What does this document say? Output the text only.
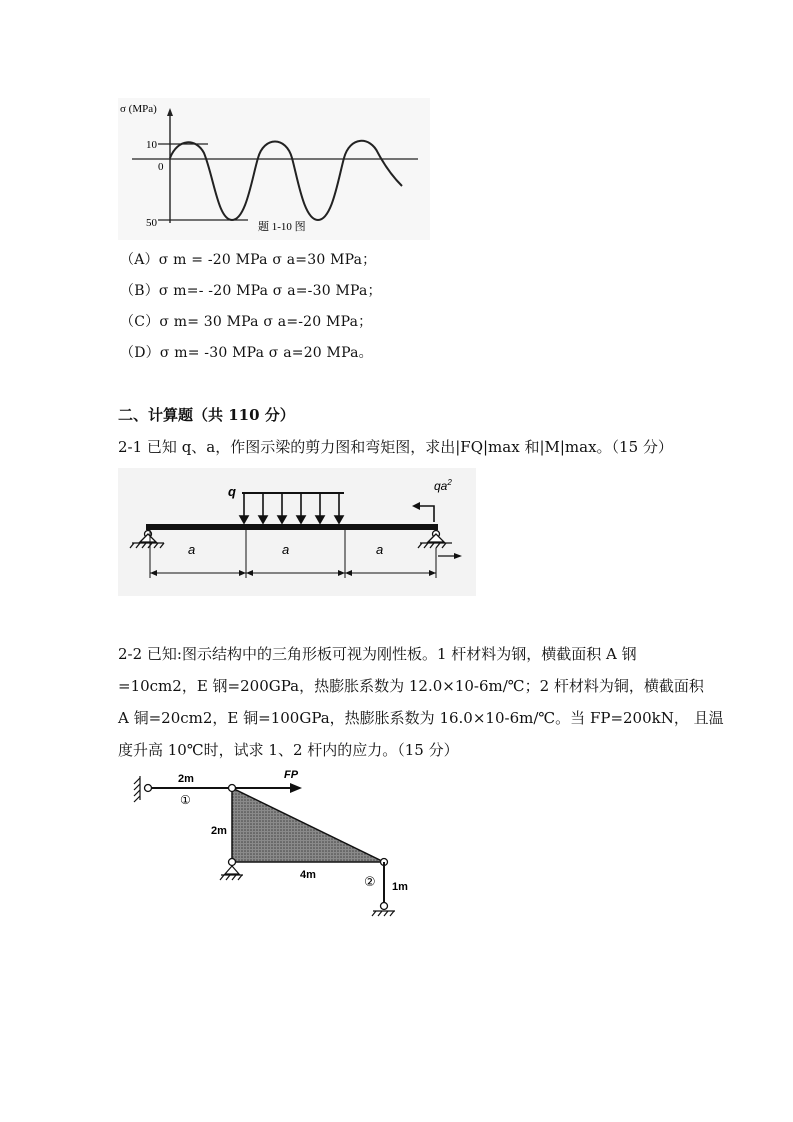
σ (MPa)
10
0
50	题 1-10 图
（A）σ m = -20 MPa σ a=30 MPa；
（B）σ m=- -20 MPa σ a=-30 MPa；
（C）σ m= 30 MPa σ a=-20 MPa；
（D）σ m= -30 MPa σ a=20 MPa。
二、计算题（共 110 分）
2-1 已知 q、a，作图示梁的剪力图和弯矩图，求出|FQ|max 和|M|max。（15 分）
q	$qa^2$
a	a	a
2-2 已知:图示结构中的三角形板可视为刚性板。1 杆材料为钢，横截面积 A 钢
=10cm2，E 钢=200GPa，热膨胀系数为 12.0×10-6m/℃；2 杆材料为铜，横截面积
A 铜=20cm2，E 铜=100GPa，热膨胀系数为 16.0×10-6m/℃。当 FP=200kN， 且温
度升高 10℃时，试求 1、2 杆内的应力。（15 分）
FP
2m
①
2m
4m	② 1m
